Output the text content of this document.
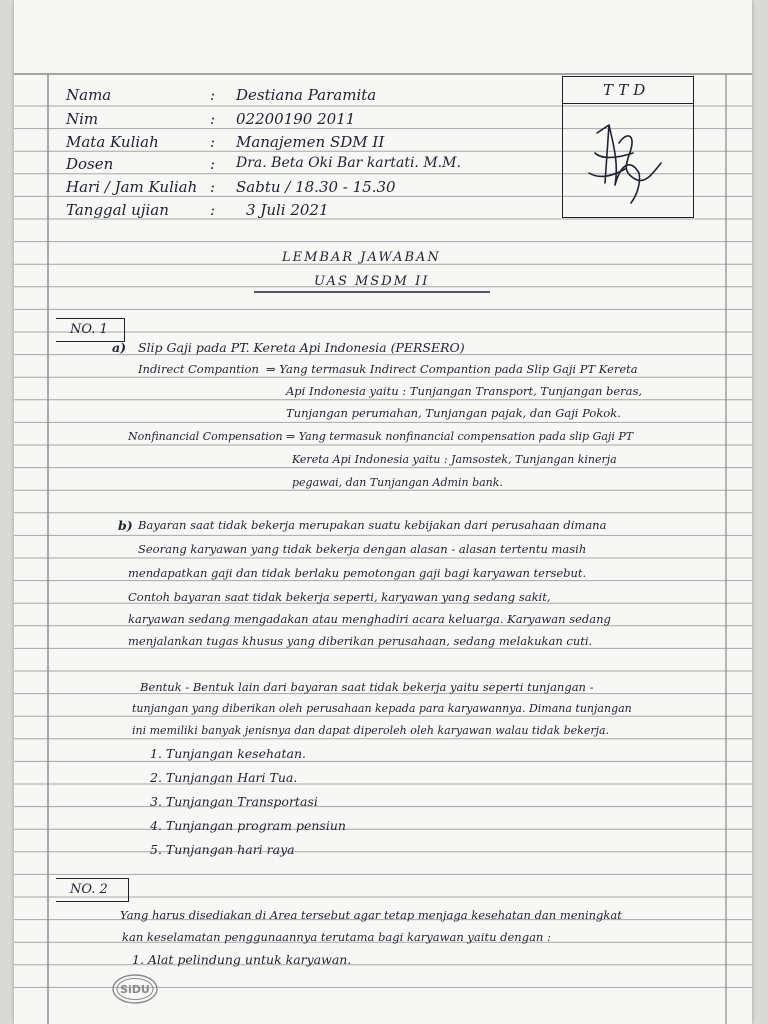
Nama
Nim
Mata Kuliah
Dosen
Hari / Jam Kuliah
Tanggal ujian
:
:
:
:
:
:
Destiana Paramita
02200190 2011
Manajemen SDM II
Dra. Beta Oki Bar kartati. M.M.
Sabtu / 18.30 - 15.30
3 Juli 2021
TTD
LEMBAR JAWABAN
UAS MSDM II
NO. 1
a) Slip Gaji pada PT. Kereta Api Indonesia (PERSERO)
Indirect Compantion ⇒ Yang termasuk Indirect Compantion pada Slip Gaji PT Kereta
Api Indonesia yaitu : Tunjangan Transport, Tunjangan beras,
Tunjangan perumahan, Tunjangan pajak, dan Gaji Pokok.
Nonfinancial Compensation ⇒ Yang termasuk nonfinancial compensation pada slip Gaji PT
Kereta Api Indonesia yaitu : Jamsostek, Tunjangan kinerja
pegawai, dan Tunjangan Admin bank.
b) Bayaran saat tidak bekerja merupakan suatu kebijakan dari perusahaan dimana
Seorang karyawan yang tidak bekerja dengan alasan - alasan tertentu masih
mendapatkan gaji dan tidak berlaku pemotongan gaji bagi karyawan tersebut.
Contoh bayaran saat tidak bekerja seperti, karyawan yang sedang sakit,
karyawan sedang mengadakan atau menghadiri acara keluarga. Karyawan sedang
menjalankan tugas khusus yang diberikan perusahaan, sedang melakukan cuti.
Bentuk - Bentuk lain dari bayaran saat tidak bekerja yaitu seperti tunjangan -
tunjangan yang diberikan oleh perusahaan kepada para karyawannya. Dimana tunjangan
ini memiliki banyak jenisnya dan dapat diperoleh oleh karyawan walau tidak bekerja.
1. Tunjangan kesehatan.
2. Tunjangan Hari Tua.
3. Tunjangan Transportasi
4. Tunjangan program pensiun
5. Tunjangan hari raya
NO. 2
Yang harus disediakan di Area tersebut agar tetap menjaga kesehatan dan meningkat
kan keselamatan penggunaannya terutama bagi karyawan yaitu dengan :
1. Alat pelindung untuk karyawan.
SiDU
